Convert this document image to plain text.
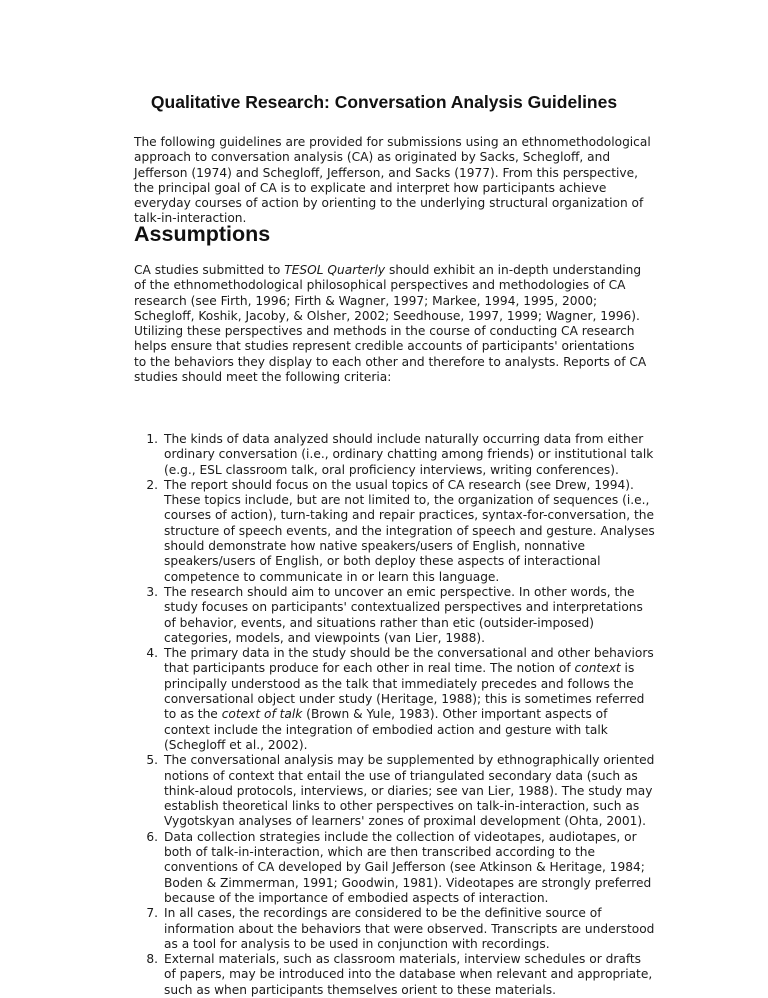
Qualitative Research: Conversation Analysis Guidelines

The following guidelines are provided for submissions using an ethnomethodological approach to conversation analysis (CA) as originated by Sacks, Schegloff, and Jefferson (1974) and Schegloff, Jefferson, and Sacks (1977). From this perspective, the principal goal of CA is to explicate and interpret how participants achieve everyday courses of action by orienting to the underlying structural organization of talk-in-interaction.

Assumptions

CA studies submitted to TESOL Quarterly should exhibit an in-depth understanding of the ethnomethodological philosophical perspectives and methodologies of CA research (see Firth, 1996; Firth & Wagner, 1997; Markee, 1994, 1995, 2000; Schegloff, Koshik, Jacoby, & Olsher, 2002; Seedhouse, 1997, 1999; Wagner, 1996). Utilizing these perspectives and methods in the course of conducting CA research helps ensure that studies represent credible accounts of participants' orientations to the behaviors they display to each other and therefore to analysts. Reports of CA studies should meet the following criteria:

1. The kinds of data analyzed should include naturally occurring data from either ordinary conversation (i.e., ordinary chatting among friends) or institutional talk (e.g., ESL classroom talk, oral proficiency interviews, writing conferences).
2. The report should focus on the usual topics of CA research (see Drew, 1994). These topics include, but are not limited to, the organization of sequences (i.e., courses of action), turn-taking and repair practices, syntax-for-conversation, the structure of speech events, and the integration of speech and gesture. Analyses should demonstrate how native speakers/users of English, nonnative speakers/users of English, or both deploy these aspects of interactional competence to communicate in or learn this language.
3. The research should aim to uncover an emic perspective. In other words, the study focuses on participants' contextualized perspectives and interpretations of behavior, events, and situations rather than etic (outsider-imposed) categories, models, and viewpoints (van Lier, 1988).
4. The primary data in the study should be the conversational and other behaviors that participants produce for each other in real time. The notion of context is principally understood as the talk that immediately precedes and follows the conversational object under study (Heritage, 1988); this is sometimes referred to as the cotext of talk (Brown & Yule, 1983). Other important aspects of context include the integration of embodied action and gesture with talk (Schegloff et al., 2002).
5. The conversational analysis may be supplemented by ethnographically oriented notions of context that entail the use of triangulated secondary data (such as think-aloud protocols, interviews, or diaries; see van Lier, 1988). The study may establish theoretical links to other perspectives on talk-in-interaction, such as Vygotskyan analyses of learners' zones of proximal development (Ohta, 2001).
6. Data collection strategies include the collection of videotapes, audiotapes, or both of talk-in-interaction, which are then transcribed according to the conventions of CA developed by Gail Jefferson (see Atkinson & Heritage, 1984; Boden & Zimmerman, 1991; Goodwin, 1981). Videotapes are strongly preferred because of the importance of embodied aspects of interaction.
7. In all cases, the recordings are considered to be the definitive source of information about the behaviors that were observed. Transcripts are understood as a tool for analysis to be used in conjunction with recordings.
8. External materials, such as classroom materials, interview schedules or drafts of papers, may be introduced into the database when relevant and appropriate, such as when participants themselves orient to these materials.
